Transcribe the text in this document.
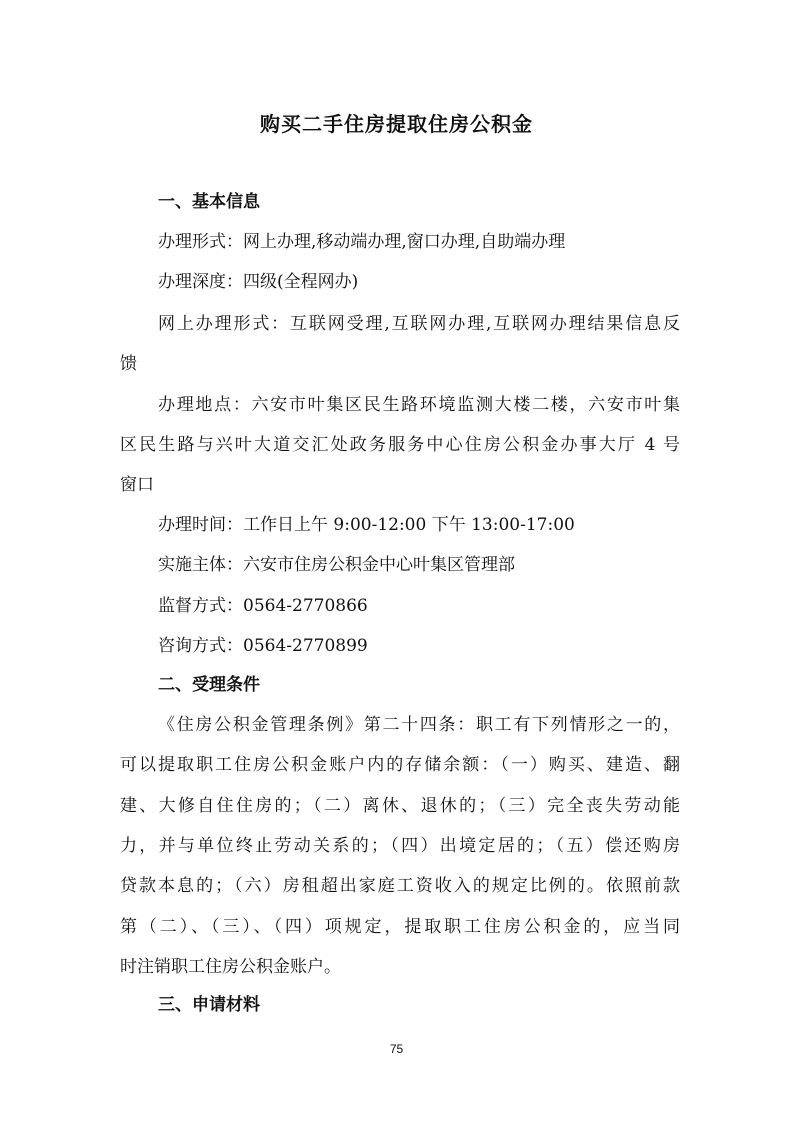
购买二手住房提取住房公积金

一、基本信息

办理形式：网上办理,移动端办理,窗口办理,自助端办理

办理深度：四级(全程网办)

网上办理形式：互联网受理,互联网办理,互联网办理结果信息反

馈

办理地点：六安市叶集区民生路环境监测大楼二楼，六安市叶集

区民生路与兴叶大道交汇处政务服务中心住房公积金办事大厅 4 号

窗口

办理时间：工作日上午 9:00-12:00 下午 13:00-17:00

实施主体：六安市住房公积金中心叶集区管理部

监督方式：0564-2770866

咨询方式：0564-2770899

二、受理条件

《住房公积金管理条例》第二十四条：职工有下列情形之一的，

可以提取职工住房公积金账户内的存储余额：（一）购买、建造、翻

建、大修自住住房的；（二）离休、退休的；（三）完全丧失劳动能

力，并与单位终止劳动关系的；（四）出境定居的；（五）偿还购房

贷款本息的；（六）房租超出家庭工资收入的规定比例的。依照前款

第（二）、（三）、（四）项规定，提取职工住房公积金的，应当同

时注销职工住房公积金账户。

三、申请材料

75
